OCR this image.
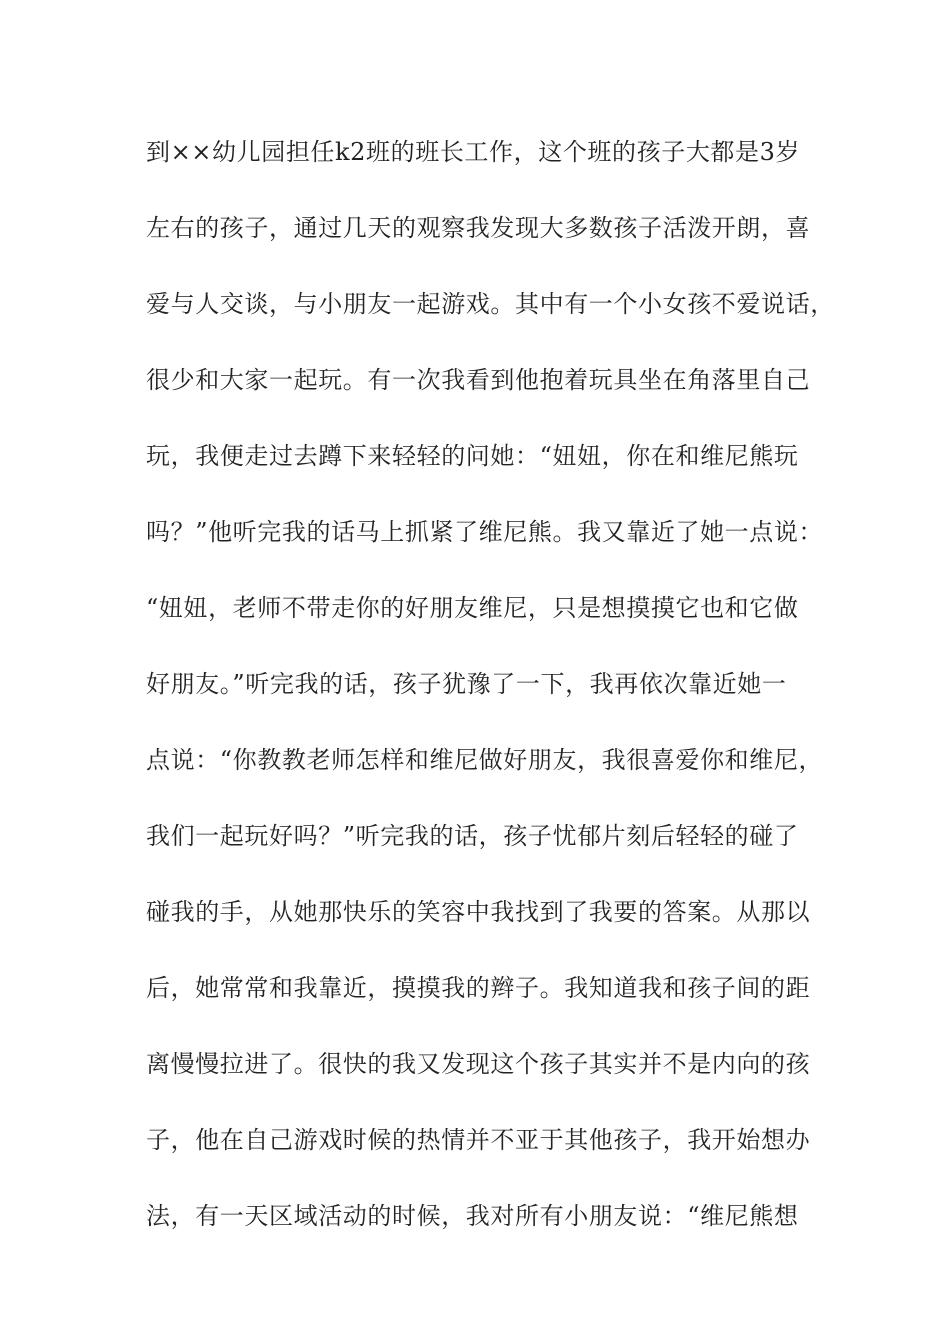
到××幼儿园担任k2班的班长工作，这个班的孩子大都是3岁
左右的孩子，通过几天的观察我发现大多数孩子活泼开朗，喜
爱与人交谈，与小朋友一起游戏。其中有一个小女孩不爱说话，
很少和大家一起玩。有一次我看到他抱着玩具坐在角落里自己
玩，我便走过去蹲下来轻轻的问她：“妞妞，你在和维尼熊玩
吗？”他听完我的话马上抓紧了维尼熊。我又靠近了她一点说：
“妞妞，老师不带走你的好朋友维尼，只是想摸摸它也和它做
好朋友。”听完我的话，孩子犹豫了一下，我再依次靠近她一
点说：“你教教老师怎样和维尼做好朋友，我很喜爱你和维尼，
我们一起玩好吗？”听完我的话，孩子忧郁片刻后轻轻的碰了
碰我的手，从她那快乐的笑容中我找到了我要的答案。从那以
后，她常常和我靠近，摸摸我的辫子。我知道我和孩子间的距
离慢慢拉进了。很快的我又发现这个孩子其实并不是内向的孩
子，他在自己游戏时候的热情并不亚于其他孩子，我开始想办
法，有一天区域活动的时候，我对所有小朋友说：“维尼熊想
